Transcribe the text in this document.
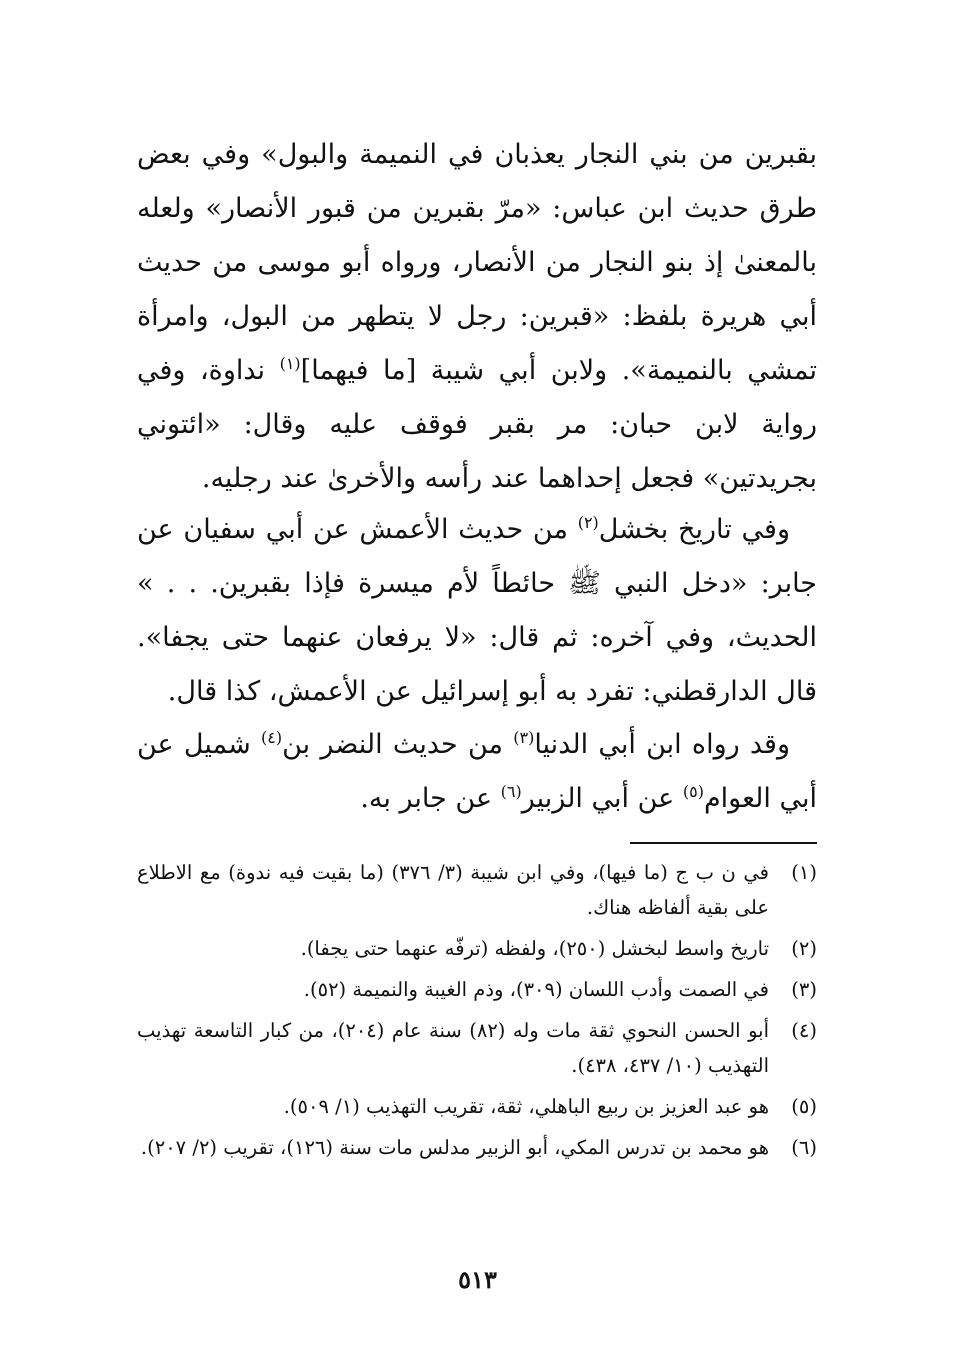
بقبرين من بني النجار يعذبان في النميمة والبول» وفي بعض طرق حديث ابن عباس: «مرّ بقبرين من قبور الأنصار» ولعله بالمعنىٰ إذ بنو النجار من الأنصار، ورواه أبو موسى من حديث أبي هريرة بلفظ: «قبرين: رجل لا يتطهر من البول، وامرأة تمشي بالنميمة». ولابن أبي شيبة [ما فيهما]$^{(١)}$ نداوة، وفي رواية لابن حبان: مر بقبر فوقف عليه وقال: «ائتوني بجريدتين» فجعل إحداهما عند رأسه والأخرىٰ عند رجليه.

 وفي تاريخ بخشل$^{(٢)}$ من حديث الأعمش عن أبي سفيان عن جابر: «دخل النبي ﷺ حائطاً لأم ميسرة فإذا بقبرين. . . » الحديث، وفي آخره: ثم قال: «لا يرفعان عنهما حتى يجفا». قال الدارقطني: تفرد به أبو إسرائيل عن الأعمش، كذا قال.

 وقد رواه ابن أبي الدنيا$^{(٣)}$ من حديث النضر بن$^{(٤)}$ شميل عن أبي العوام$^{(٥)}$ عن أبي الزبير$^{(٦)}$ عن جابر به.

(١)
في ن ب ج (ما فيها)، وفي ابن شيبة (٣/ ٣٧٦) (ما بقيت فيه ندوة) مع الاطلاع على بقية ألفاظه هناك.
(٢)
تاريخ واسط لبخشل (٢٥٠)، ولفظه (ترفّه عنهما حتى يجفا).
(٣)
في الصمت وأدب اللسان (٣٠٩)، وذم الغيبة والنميمة (٥٢).
(٤)
أبو الحسن النحوي ثقة مات وله (٨٢) سنة عام (٢٠٤)، من كبار التاسعة تهذيب التهذيب (١٠/ ٤٣٧، ٤٣٨).
(٥)
هو عبد العزيز بن ربيع الباهلي، ثقة، تقريب التهذيب (١/ ٥٠٩).
(٦)
هو محمد بن تدرس المكي، أبو الزبير مدلس مات سنة (١٢٦)، تقريب (٢/ ٢٠٧).
٥١٣
